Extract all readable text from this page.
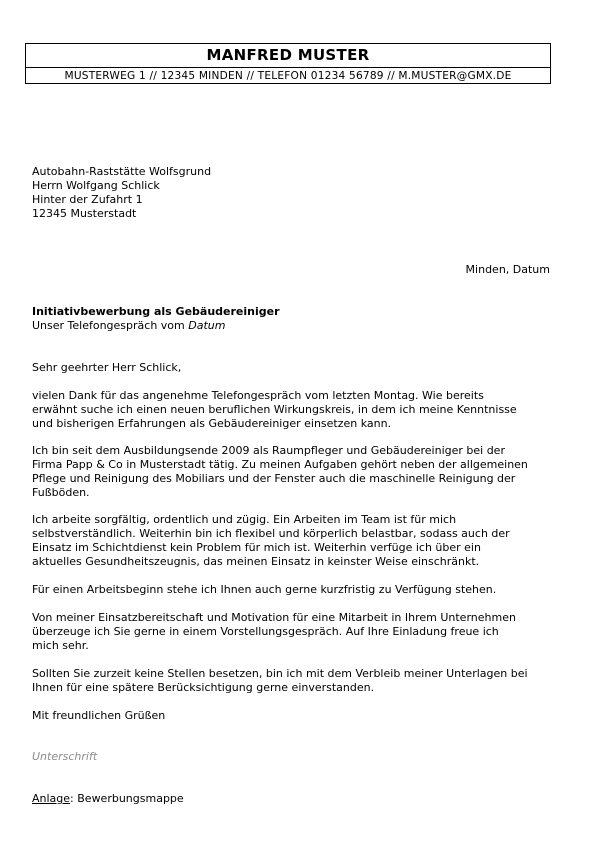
MANFRED MUSTER
MUSTERWEG 1 // 12345 MINDEN // TELEFON 01234 56789 // M.MUSTER@GMX.DE
Autobahn-Raststätte Wolfsgrund
Herrn Wolfgang Schlick
Hinter der Zufahrt 1
12345 Musterstadt
Minden, Datum
Initiativbewerbung als Gebäudereiniger
Unser Telefongespräch vom Datum
Sehr geehrter Herr Schlick,
vielen Dank für das angenehme Telefongespräch vom letzten Montag. Wie bereits
erwähnt suche ich einen neuen beruflichen Wirkungskreis, in dem ich meine Kenntnisse
und bisherigen Erfahrungen als Gebäudereiniger einsetzen kann.
Ich bin seit dem Ausbildungsende 2009 als Raumpfleger und Gebäudereiniger bei der
Firma Papp & Co in Musterstadt tätig. Zu meinen Aufgaben gehört neben der allgemeinen
Pflege und Reinigung des Mobiliars und der Fenster auch die maschinelle Reinigung der
Fußböden.
Ich arbeite sorgfältig, ordentlich und zügig. Ein Arbeiten im Team ist für mich
selbstverständlich. Weiterhin bin ich flexibel und körperlich belastbar, sodass auch der
Einsatz im Schichtdienst kein Problem für mich ist. Weiterhin verfüge ich über ein
aktuelles Gesundheitszeugnis, das meinen Einsatz in keinster Weise einschränkt.
Für einen Arbeitsbeginn stehe ich Ihnen auch gerne kurzfristig zu Verfügung stehen.
Von meiner Einsatzbereitschaft und Motivation für eine Mitarbeit in Ihrem Unternehmen
überzeuge ich Sie gerne in einem Vorstellungsgespräch. Auf Ihre Einladung freue ich
mich sehr.
Sollten Sie zurzeit keine Stellen besetzen, bin ich mit dem Verbleib meiner Unterlagen bei
Ihnen für eine spätere Berücksichtigung gerne einverstanden.
Mit freundlichen Grüßen
Unterschrift
Anlage: Bewerbungsmappe
